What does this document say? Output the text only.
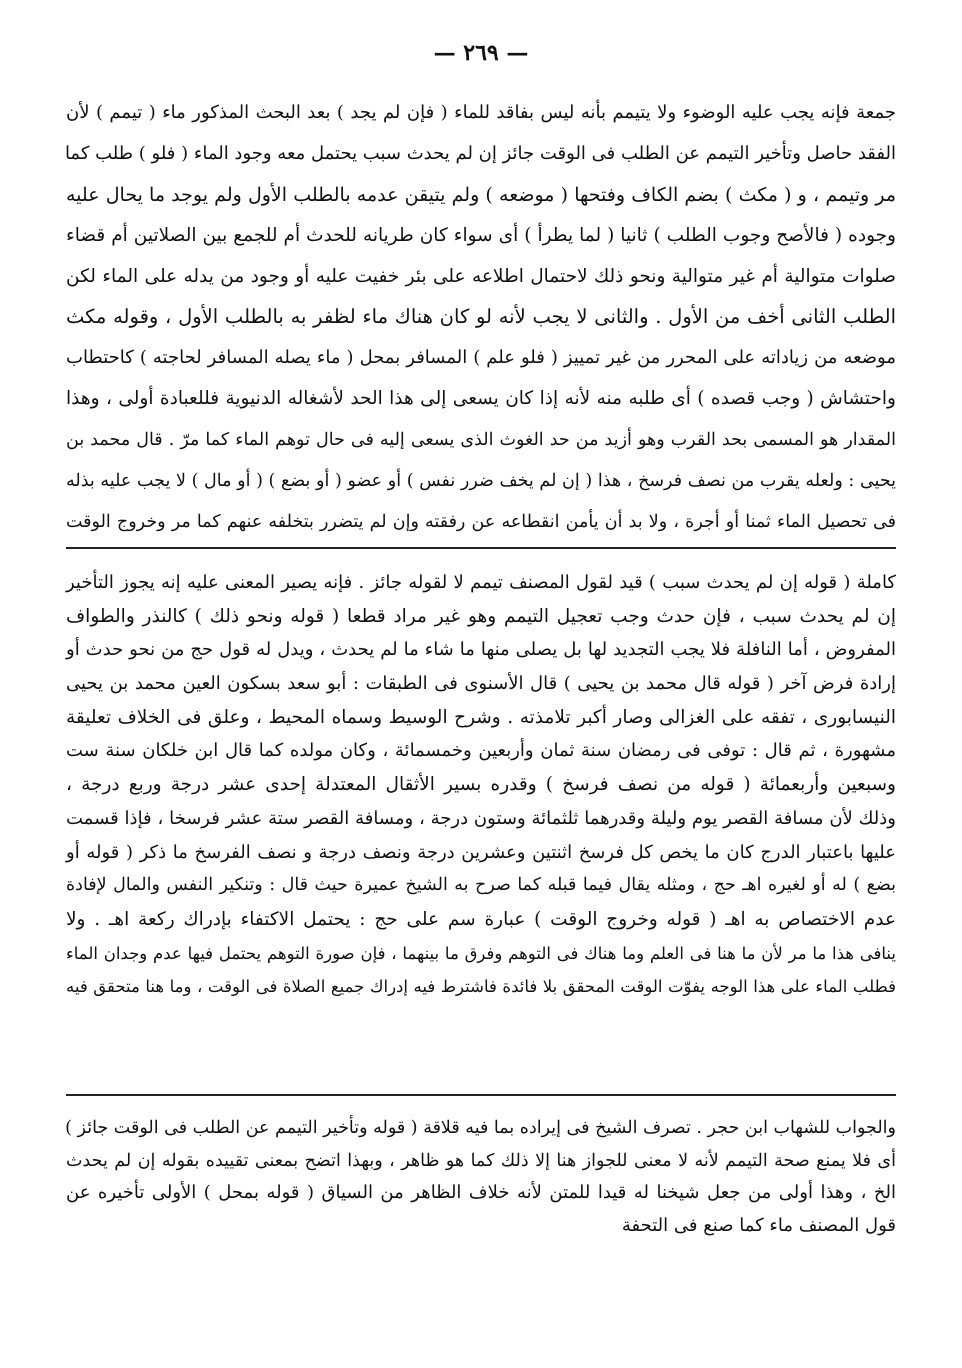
— ٢٦٩ —
جمعة فإنه يجب عليه الوضوء ولا يتيمم بأنه ليس بفاقد للماء ( فإن لم يجد ) بعد البحث المذكور ماء ( تيمم ) لأن
الفقد حاصل وتأخير التيمم عن الطلب فى الوقت جائز إن لم يحدث سبب يحتمل معه وجود الماء ( فلو ) طلب كما
مر وتيمم ، و ( مكث ) بضم الكاف وفتحها ( موضعه ) ولم يتيقن عدمه بالطلب الأول ولم يوجد ما يحال عليه
وجوده ( فالأصح وجوب الطلب ) ثانيا ( لما يطرأ ) أى سواء كان طريانه للحدث أم للجمع بين الصلاتين أم قضاء
صلوات متوالية أم غير متوالية ونحو ذلك لاحتمال اطلاعه على بئر خفيت عليه أو وجود من يدله على الماء لكن
الطلب الثانى أخف من الأول . والثانى لا يجب لأنه لو كان هناك ماء لظفر به بالطلب الأول ، وقوله مكث
موضعه من زياداته على المحرر من غير تمييز ( فلو علم ) المسافر بمحل ( ماء يصله المسافر لحاجته ) كاحتطاب
واحتشاش ( وجب قصده ) أى طلبه منه لأنه إذا كان يسعى إلى هذا الحد لأشغاله الدنيوية فللعبادة أولى ، وهذا
المقدار هو المسمى بحد القرب وهو أزيد من حد الغوث الذى يسعى إليه فى حال توهم الماء كما مرّ . قال محمد بن
يحيى : ولعله يقرب من نصف فرسخ ، هذا ( إن لم يخف ضرر نفس ) أو عضو ( أو بضع ) ( أو مال ) لا يجب عليه بذله
فى تحصيل الماء ثمنا أو أجرة ، ولا بد أن يأمن انقطاعه عن رفقته وإن لم يتضرر بتخلفه عنهم كما مر وخروج الوقت
كاملة ( قوله إن لم يحدث سبب ) قيد لقول المصنف تيمم لا لقوله جائز . فإنه يصير المعنى عليه إنه يجوز التأخير
إن لم يحدث سبب ، فإن حدث وجب تعجيل التيمم وهو غير مراد قطعا ( قوله ونحو ذلك ) كالنذر والطواف
المفروض ، أما النافلة فلا يجب التجديد لها بل يصلى منها ما شاء ما لم يحدث ، ويدل له قول حج من نحو حدث أو
إرادة فرض آخر ( قوله قال محمد بن يحيى ) قال الأسنوى فى الطبقات : أبو سعد بسكون العين محمد بن يحيى
النيسابورى ، تفقه على الغزالى وصار أكبر تلامذته . وشرح الوسيط وسماه المحيط ، وعلق فى الخلاف تعليقة
مشهورة ، ثم قال : توفى فى رمضان سنة ثمان وأربعين وخمسمائة ، وكان مولده كما قال ابن خلكان سنة ست
وسبعين وأربعمائة ( قوله من نصف فرسخ ) وقدره بسير الأثقال المعتدلة إحدى عشر درجة وربع درجة ،
وذلك لأن مسافة القصر يوم وليلة وقدرهما ثلثمائة وستون درجة ، ومسافة القصر ستة عشر فرسخا ، فإذا قسمت
عليها باعتبار الدرج كان ما يخص كل فرسخ اثنتين وعشرين درجة ونصف درجة و نصف الفرسخ ما ذكر ( قوله أو
بضع ) له أو لغيره اهـ حج ، ومثله يقال فيما قبله كما صرح به الشيخ عميرة حيث قال : وتنكير النفس والمال لإفادة
عدم الاختصاص به اهـ ( قوله وخروج الوقت ) عبارة سم على حج : يحتمل الاكتفاء بإدراك ركعة اهـ . ولا
ينافى هذا ما مر لأن ما هنا فى العلم وما هناك فى التوهم وفرق ما بينهما ، فإن صورة التوهم يحتمل فيها عدم وجدان الماء
فطلب الماء على هذا الوجه يفوّت الوقت المحقق بلا فائدة فاشترط فيه إدراك جميع الصلاة فى الوقت ، وما هنا متحقق فيه
والجواب للشهاب ابن حجر . تصرف الشيخ فى إيراده بما فيه قلاقة ( قوله وتأخير التيمم عن الطلب فى الوقت جائز )
أى فلا يمنع صحة التيمم لأنه لا معنى للجواز هنا إلا ذلك كما هو ظاهر ، وبهذا اتضح بمعنى تقييده بقوله إن لم يحدث
الخ ، وهذا أولى من جعل شيخنا له قيدا للمتن لأنه خلاف الظاهر من السياق ( قوله بمحل ) الأولى تأخيره عن
قول المصنف ماء كما صنع فى التحفة
